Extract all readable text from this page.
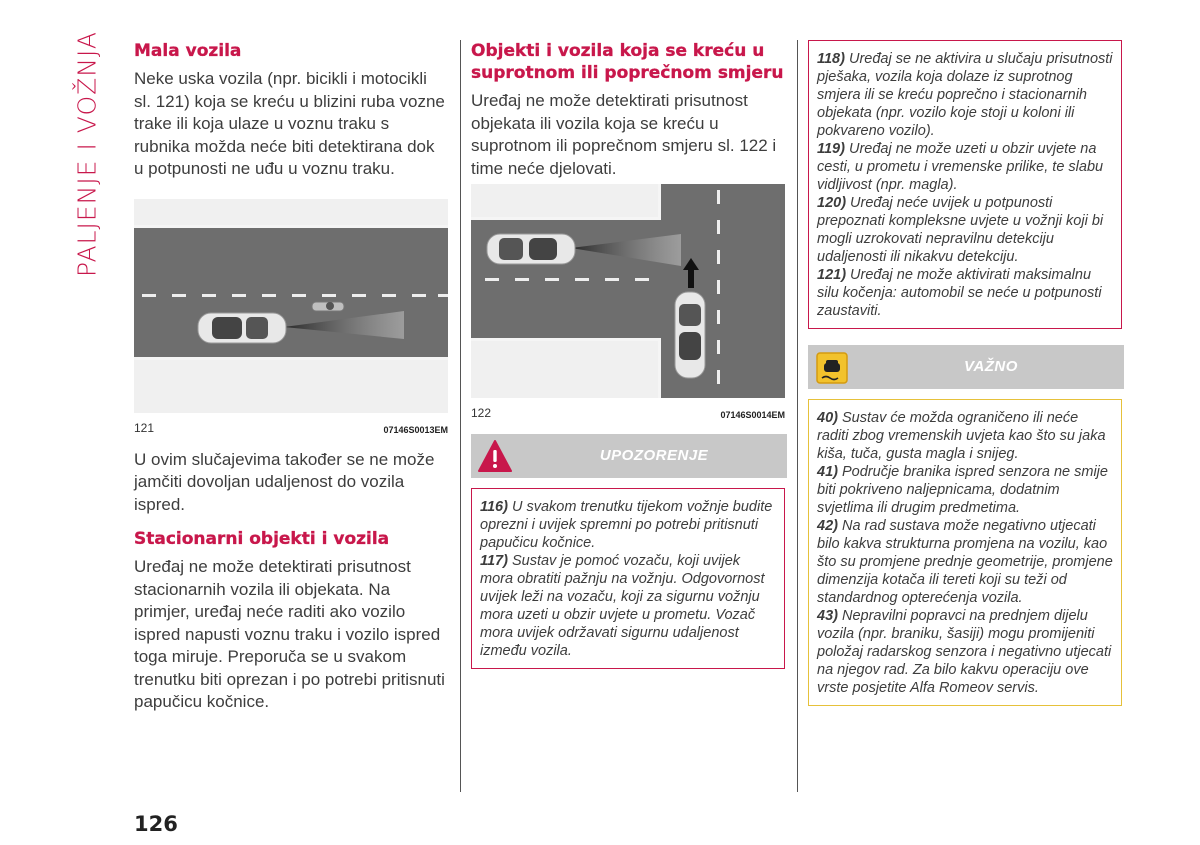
PALJENJE I VOŽNJA Mala vozila

Neke uska vozila (npr. bicikli i motocikli sl. 121) koja se kreću u blizini ruba vozne trake ili koja ulaze u voznu traku s rubnika možda neće biti detektirana dok u potpunosti ne uđu u voznu traku.

121	07146S0013EM

U ovim slučajevima također se ne može jamčiti dovoljan udaljenost do vozila ispred.

Stacionarni objekti i vozila

Uređaj ne može detektirati prisutnost stacionarnih vozila ili objekata. Na primjer, uređaj neće raditi ako vozilo ispred napusti voznu traku i vozilo ispred toga miruje. Preporuča se u svakom trenutku biti oprezan i po potrebi pritisnuti papučicu kočnice.

Objekti i vozila koja se kreću u suprotnom ili poprečnom smjeru

Uređaj ne može detektirati prisutnost objekata ili vozila koja se kreću u suprotnom ili poprečnom smjeru sl. 122 i time neće djelovati.

122	07146S0014EM
UPOZORENJE

116) U svakom trenutku tijekom vožnje budite oprezni i uvijek spremni po potrebi pritisnuti papučicu kočnice.

117) Sustav je pomoć vozaču, koji uvijek mora obratiti pažnju na vožnju. Odgovornost uvijek leži na vozaču, koji za sigurnu vožnju mora uzeti u obzir uvjete u prometu. Vozač mora uvijek održavati sigurnu udaljenost između vozila.

118) Uređaj se ne aktivira u slučaju prisutnosti pješaka, vozila koja dolaze iz suprotnog smjera ili se kreću poprečno i stacionarnih objekata (npr. vozilo koje stoji u koloni ili pokvareno vozilo).

119) Uređaj ne može uzeti u obzir uvjete na cesti, u prometu i vremenske prilike, te slabu vidljivost (npr. magla).

120) Uređaj neće uvijek u potpunosti prepoznati kompleksne uvjete u vožnji koji bi mogli uzrokovati nepravilnu detekciju udaljenosti ili nikakvu detekciju.

121) Uređaj ne može aktivirati maksimalnu silu kočenja: automobil se neće u potpunosti zaustaviti.

VAŽNO

40) Sustav će možda ograničeno ili neće raditi zbog vremenskih uvjeta kao što su jaka kiša, tuča, gusta magla i snijeg.

41) Područje branika ispred senzora ne smije biti pokriveno naljepnicama, dodatnim svjetlima ili drugim predmetima.

42) Na rad sustava može negativno utjecati bilo kakva strukturna promjena na vozilu, kao što su promjene prednje geometrije, promjene dimenzija kotača ili tereti koji su teži od standardnog opterećenja vozila.

43) Nepravilni popravci na prednjem dijelu vozila (npr. braniku, šasiji) mogu promijeniti položaj radarskog senzora i negativno utjecati na njegov rad. Za bilo kakvu operaciju ove vrste posjetite Alfa Romeov servis.

126
